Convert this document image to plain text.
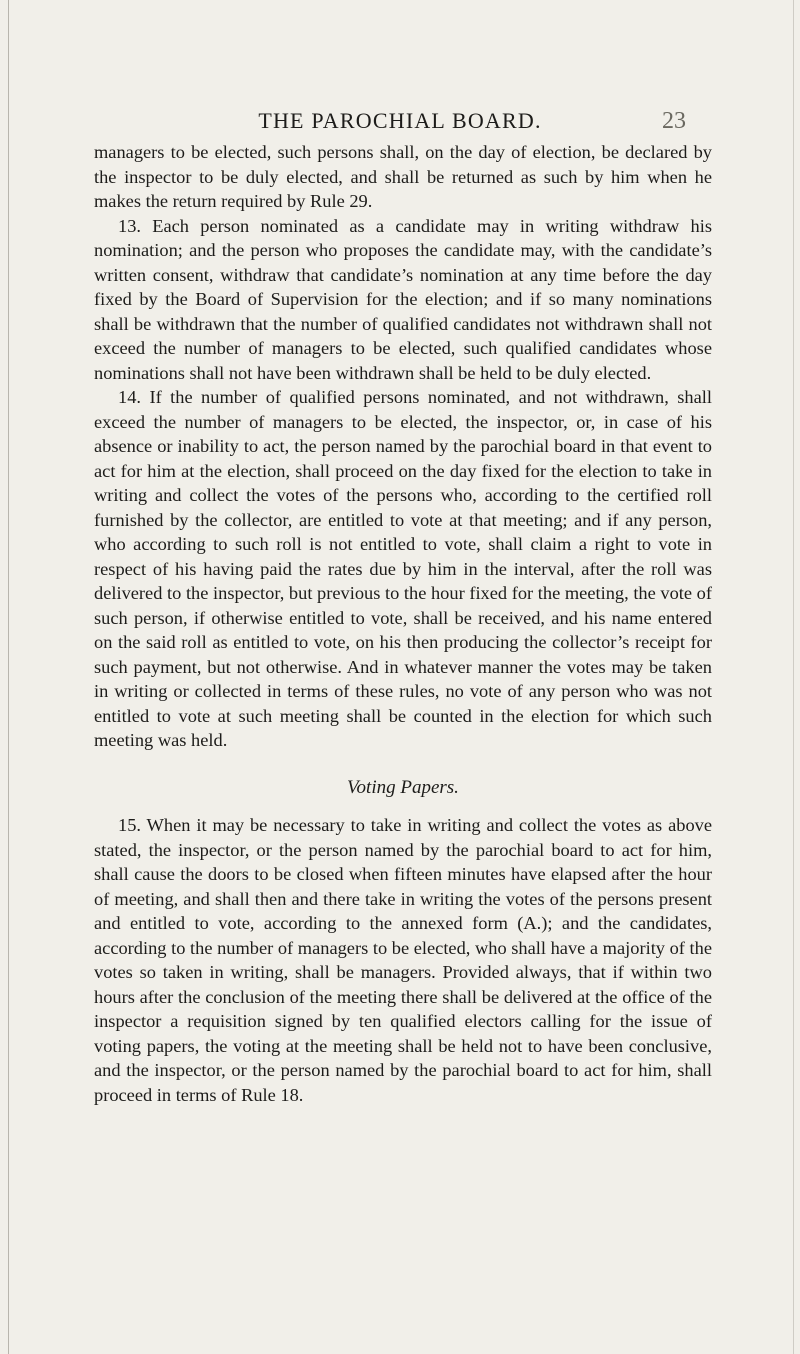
THE PAROCHIAL BOARD.	23

managers to be elected, such persons shall, on the day of election, be declared by the inspector to be duly elected, and shall be returned as such by him when he makes the return required by Rule 29.

13. Each person nominated as a candidate may in writing withdraw his nomination; and the person who proposes the candidate may, with the candidate’s written consent, withdraw that candidate’s nomination at any time before the day fixed by the Board of Supervision for the election; and if so many nominations shall be withdrawn that the number of qualified candidates not withdrawn shall not exceed the number of managers to be elected, such qualified candidates whose nominations shall not have been withdrawn shall be held to be duly elected.

14. If the number of qualified persons nominated, and not withdrawn, shall exceed the number of managers to be elected, the inspector, or, in case of his absence or inability to act, the person named by the parochial board in that event to act for him at the election, shall proceed on the day fixed for the election to take in writing and collect the votes of the persons who, according to the certified roll furnished by the collector, are entitled to vote at that meeting; and if any person, who according to such roll is not entitled to vote, shall claim a right to vote in respect of his having paid the rates due by him in the interval, after the roll was delivered to the inspector, but previous to the hour fixed for the meeting, the vote of such person, if otherwise entitled to vote, shall be received, and his name entered on the said roll as entitled to vote, on his then producing the collector’s receipt for such payment, but not otherwise. And in whatever manner the votes may be taken in writing or collected in terms of these rules, no vote of any person who was not entitled to vote at such meeting shall be counted in the election for which such meeting was held.

Voting Papers.

15. When it may be necessary to take in writing and collect the votes as above stated, the inspector, or the person named by the parochial board to act for him, shall cause the doors to be closed when fifteen minutes have elapsed after the hour of meeting, and shall then and there take in writing the votes of the persons present and entitled to vote, according to the annexed form (A.); and the candidates, according to the number of managers to be elected, who shall have a majority of the votes so taken in writing, shall be managers. Provided always, that if within two hours after the conclusion of the meeting there shall be delivered at the office of the inspector a requisition signed by ten qualified electors calling for the issue of voting papers, the voting at the meeting shall be held not to have been conclusive, and the inspector, or the person named by the parochial board to act for him, shall proceed in terms of Rule 18.
